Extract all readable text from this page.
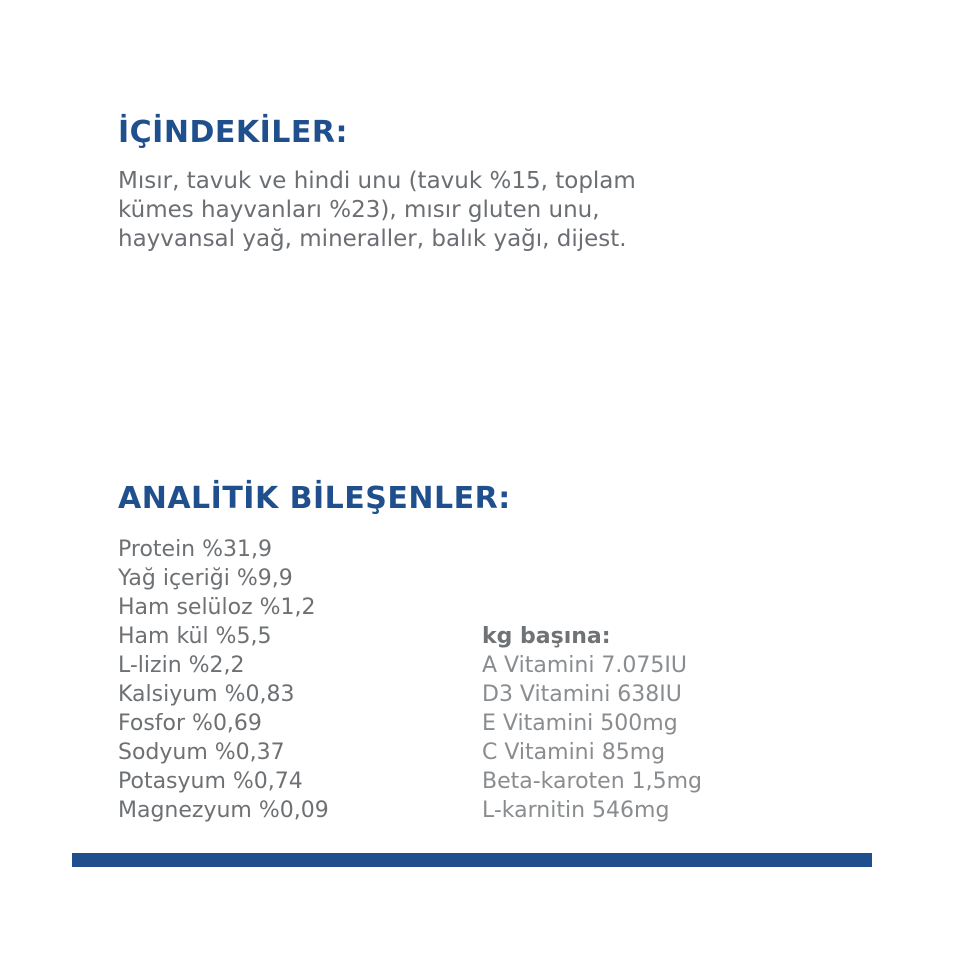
İÇİNDEKİLER:

Mısır, tavuk ve hindi unu (tavuk %15, toplam
kümes hayvanları %23), mısır gluten unu,
hayvansal yağ, mineraller, balık yağı, dijest.

ANALİTİK BİLEŞENLER:
Protein %31,9
Yağ içeriği %9,9
Ham selüloz %1,2
Ham kül %5,5
L-lizin %2,2
Kalsiyum %0,83
Fosfor %0,69
Sodyum %0,37
Potasyum %0,74
Magnezyum %0,09
kg başına:
A Vitamini 7.075IU
D3 Vitamini 638IU
E Vitamini 500mg
C Vitamini 85mg
Beta-karoten 1,5mg
L-karnitin 546mg
